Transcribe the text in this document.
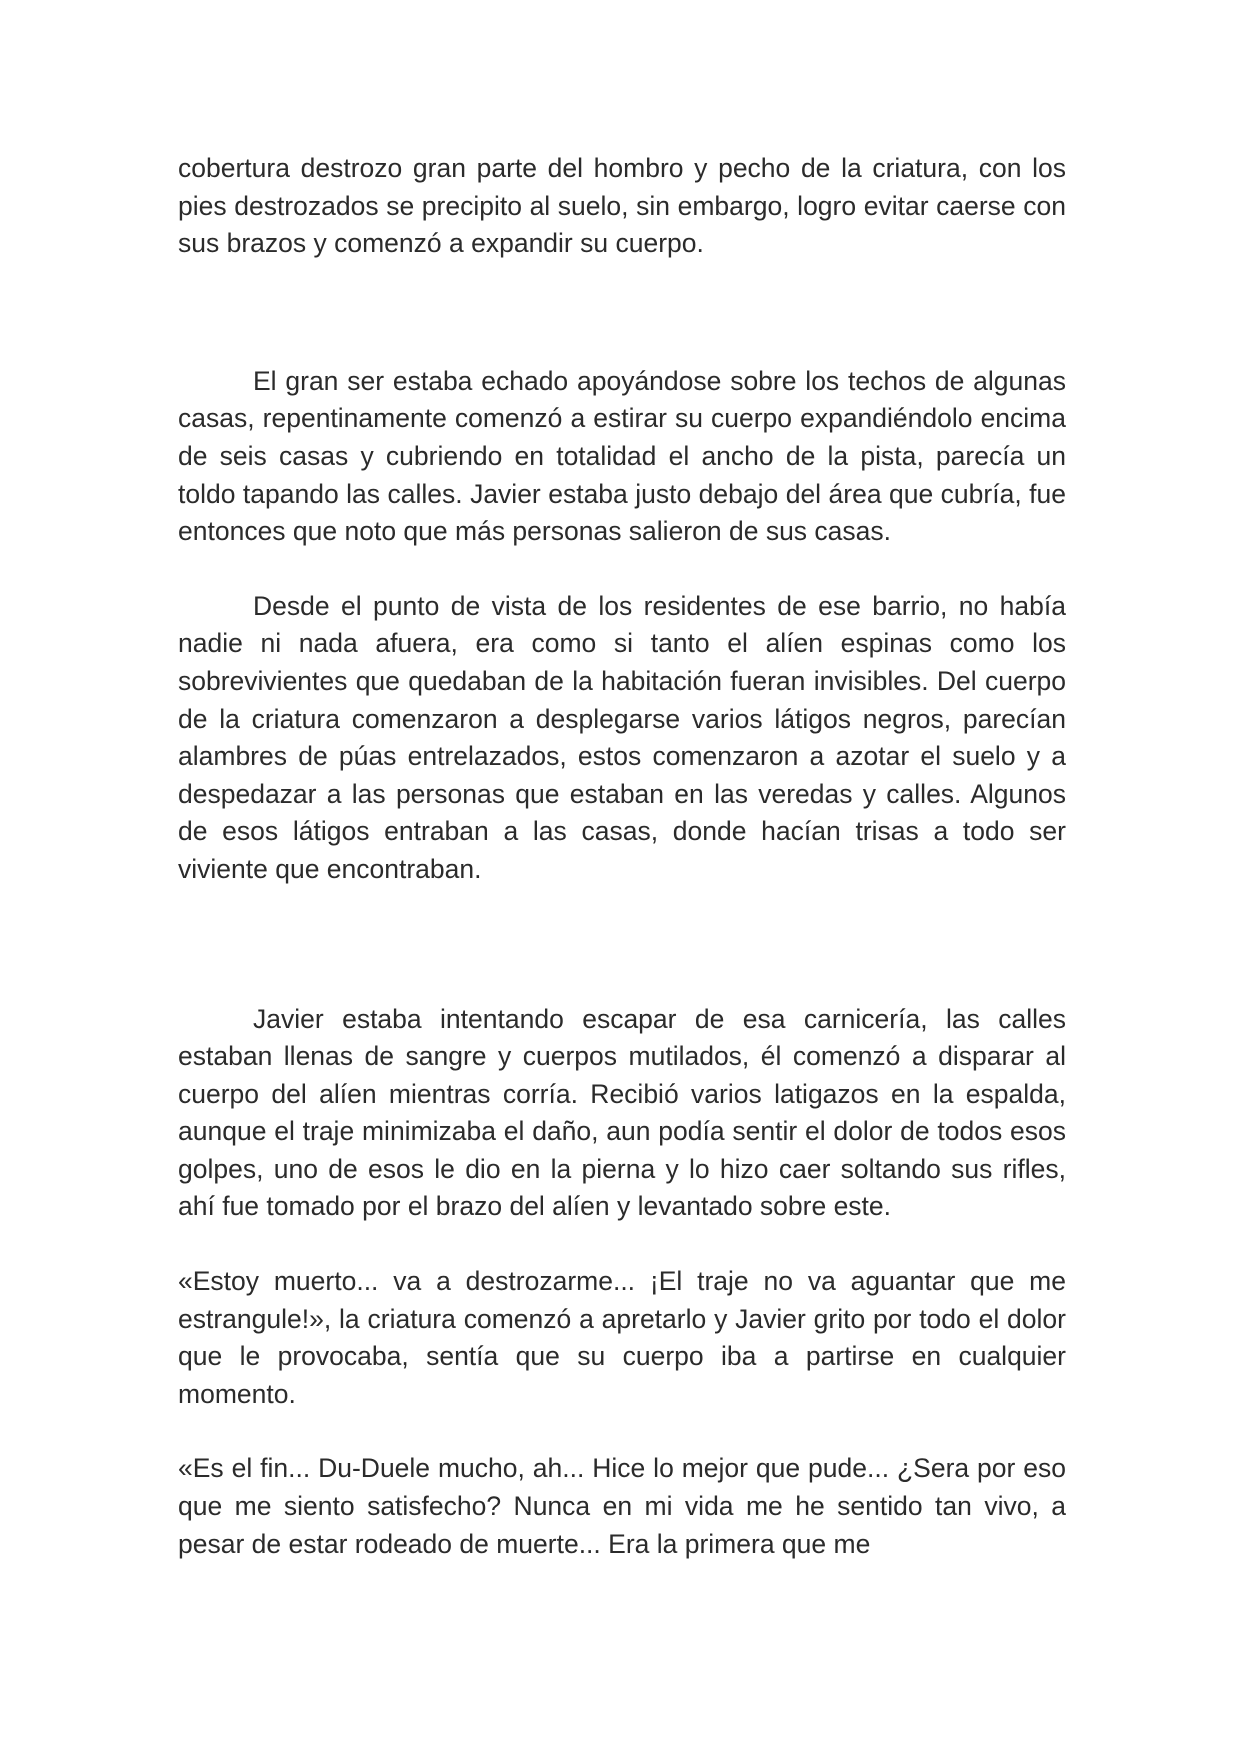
cobertura destrozo gran parte del hombro y pecho de la criatura, con los pies destrozados se precipito al suelo, sin embargo, logro evitar caerse con sus brazos y comenzó a expandir su cuerpo.

El gran ser estaba echado apoyándose sobre los techos de algunas casas, repentinamente comenzó a estirar su cuerpo expandiéndolo encima de seis casas y cubriendo en totalidad el ancho de la pista, parecía un toldo tapando las calles. Javier estaba justo debajo del área que cubría, fue entonces que noto que más personas salieron de sus casas.

Desde el punto de vista de los residentes de ese barrio, no había nadie ni nada afuera, era como si tanto el alíen espinas como los sobrevivientes que quedaban de la habitación fueran invisibles. Del cuerpo de la criatura comenzaron a desplegarse varios látigos negros, parecían alambres de púas entrelazados, estos comenzaron a azotar el suelo y a despedazar a las personas que estaban en las veredas y calles. Algunos de esos látigos entraban a las casas, donde hacían trisas a todo ser viviente que encontraban.

Javier estaba intentando escapar de esa carnicería, las calles estaban llenas de sangre y cuerpos mutilados, él comenzó a disparar al cuerpo del alíen mientras corría. Recibió varios latigazos en la espalda, aunque el traje minimizaba el daño, aun podía sentir el dolor de todos esos golpes, uno de esos le dio en la pierna y lo hizo caer soltando sus rifles, ahí fue tomado por el brazo del alíen y levantado sobre este.

«Estoy muerto... va a destrozarme... ¡El traje no va aguantar que me estrangule!», la criatura comenzó a apretarlo y Javier grito por todo el dolor que le provocaba, sentía que su cuerpo iba a partirse en cualquier momento.

«Es el fin... Du-Duele mucho, ah... Hice lo mejor que pude... ¿Sera por eso que me siento satisfecho? Nunca en mi vida me he sentido tan vivo, a pesar de estar rodeado de muerte... Era la primera que me
